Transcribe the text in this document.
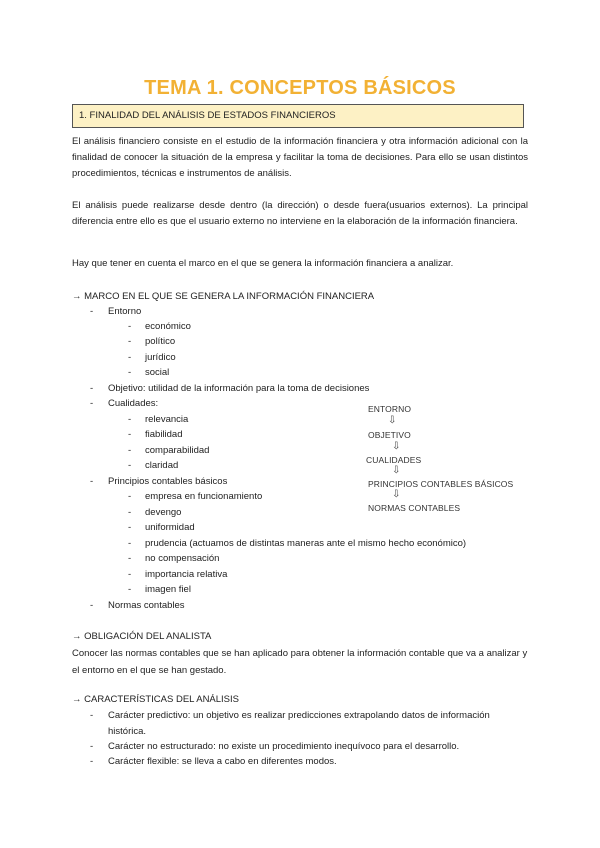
TEMA 1. CONCEPTOS BÁSICOS
1. FINALIDAD DEL ANÁLISIS DE ESTADOS FINANCIEROS

El análisis financiero consiste en el estudio de la información financiera y otra información adicional con la finalidad de conocer la situación de la empresa y facilitar la toma de decisiones. Para ello se usan distintos procedimientos, técnicas e instrumentos de análisis.

El análisis puede realizarse desde dentro (la dirección) o desde fuera(usuarios externos). La principal diferencia entre ello es que el usuario externo no interviene en la elaboración de la información financiera.

Hay que tener en cuenta el marco en el que se genera la información financiera a analizar.

→ MARCO EN EL QUE SE GENERA LA INFORMACIÓN FINANCIERA
- Entorno
- económico
- político
- jurídico
- social
- Objetivo: utilidad de la información para la toma de decisiones
- Cualidades:
- relevancia
- fiabilidad
- comparabilidad
- claridad
- Principios contables básicos
- empresa en funcionamiento
- devengo
- uniformidad
- prudencia (actuamos de distintas maneras ante el mismo hecho económico)
- no compensación
- importancia relativa
- imagen fiel
- Normas contables
ENTORNO
⇩
OBJETIVO
⇩
CUALIDADES
⇩
PRINCIPIOS CONTABLES BÁSICOS
⇩
NORMAS CONTABLES
→ OBLIGACIÓN DEL ANALISTA

Conocer las normas contables que se han aplicado para obtener la información contable que va a analizar y el entorno en el que se han gestado.

→ CARACTERÍSTICAS DEL ANÁLISIS
- Carácter predictivo: un objetivo es realizar predicciones extrapolando datos de información histórica.

- Carácter no estructurado: no existe un procedimiento inequívoco para el desarrollo.
- Carácter flexible: se lleva a cabo en diferentes modos.
